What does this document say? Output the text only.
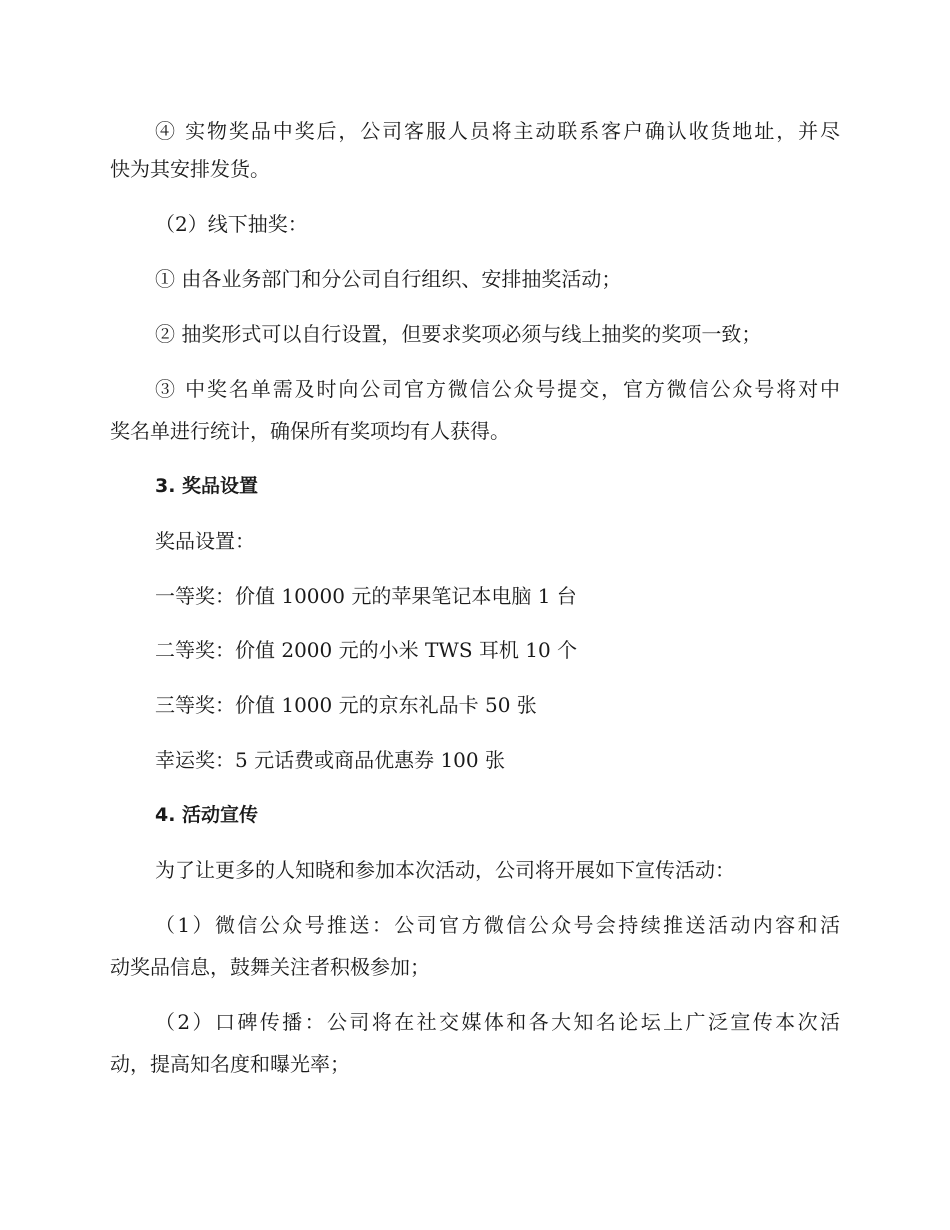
④ 实物奖品中奖后，公司客服人员将主动联系客户确认收货地址，并尽

快为其安排发货。

（2）线下抽奖：

① 由各业务部门和分公司自行组织、安排抽奖活动；

② 抽奖形式可以自行设置，但要求奖项必须与线上抽奖的奖项一致；

③ 中奖名单需及时向公司官方微信公众号提交，官方微信公众号将对中

奖名单进行统计，确保所有奖项均有人获得。

3. 奖品设置

奖品设置：

一等奖：价值 10000 元的苹果笔记本电脑 1 台

二等奖：价值 2000 元的小米 TWS 耳机 10 个

三等奖：价值 1000 元的京东礼品卡 50 张

幸运奖：5 元话费或商品优惠券 100 张

4. 活动宣传

为了让更多的人知晓和参加本次活动，公司将开展如下宣传活动：

（1）微信公众号推送：公司官方微信公众号会持续推送活动内容和活

动奖品信息，鼓舞关注者积极参加；

（2）口碑传播：公司将在社交媒体和各大知名论坛上广泛宣传本次活

动，提高知名度和曝光率；
